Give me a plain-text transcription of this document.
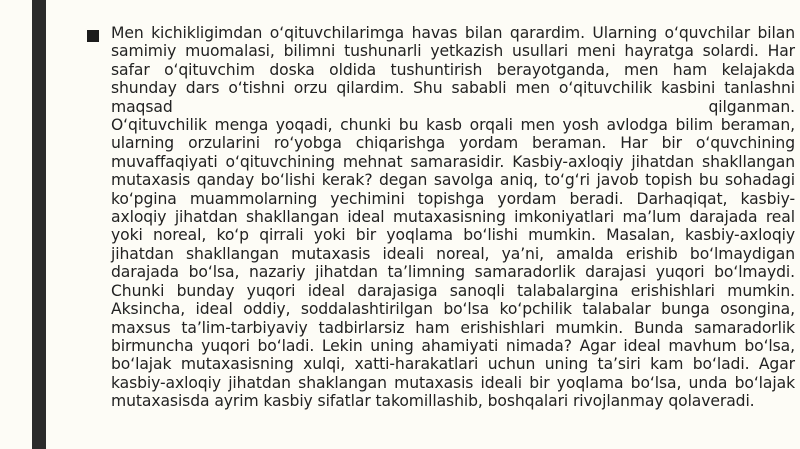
Men kichikligimdan o‘qituvchilarimga havas bilan qarardim. Ularning o‘quvchilar bilan
samimiy muomalasi, bilimni tushunarli yetkazish usullari meni hayratga solardi. Har
safar o‘qituvchim doska oldida tushuntirish berayotganda, men ham kelajakda
shunday dars o‘tishni orzu qilardim. Shu sababli men o‘qituvchilik kasbini tanlashni
maqsad qilganman.
O‘qituvchilik menga yoqadi, chunki bu kasb orqali men yosh avlodga bilim beraman,
ularning orzularini ro‘yobga chiqarishga yordam beraman. Har bir o‘quvchining
muvaffaqiyati o‘qituvchining mehnat samarasidir. Kasbiy-axloqiy jihatdan shakllangan
mutaxasis qanday bo‘lishi kerak? degan savolga aniq, to‘g‘ri javob topish bu sohadagi
ko‘pgina muammolarning yechimini topishga yordam beradi. Darhaqiqat, kasbiy-
axloqiy jihatdan shakllangan ideal mutaxasisning imkoniyatlari ma’lum darajada real
yoki noreal, ko‘p qirrali yoki bir yoqlama bo‘lishi mumkin. Masalan, kasbiy-axloqiy
jihatdan shakllangan mutaxasis ideali noreal, ya’ni, amalda erishib bo‘lmaydigan
darajada bo‘lsa, nazariy jihatdan ta’limning samaradorlik darajasi yuqori bo‘lmaydi.
Chunki bunday yuqori ideal darajasiga sanoqli talabalargina erishishlari mumkin.
Aksincha, ideal oddiy, soddalashtirilgan bo‘lsa ko‘pchilik talabalar bunga osongina,
maxsus ta’lim-tarbiyaviy tadbirlarsiz ham erishishlari mumkin. Bunda samaradorlik
birmuncha yuqori bo‘ladi. Lekin uning ahamiyati nimada? Agar ideal mavhum bo‘lsa,
bo‘lajak mutaxasisning xulqi, xatti-harakatlari uchun uning ta’siri kam bo‘ladi. Agar
kasbiy-axloqiy jihatdan shaklangan mutaxasis ideali bir yoqlama bo‘lsa, unda bo‘lajak
mutaxasisda ayrim kasbiy sifatlar takomillashib, boshqalari rivojlanmay qolaveradi.
